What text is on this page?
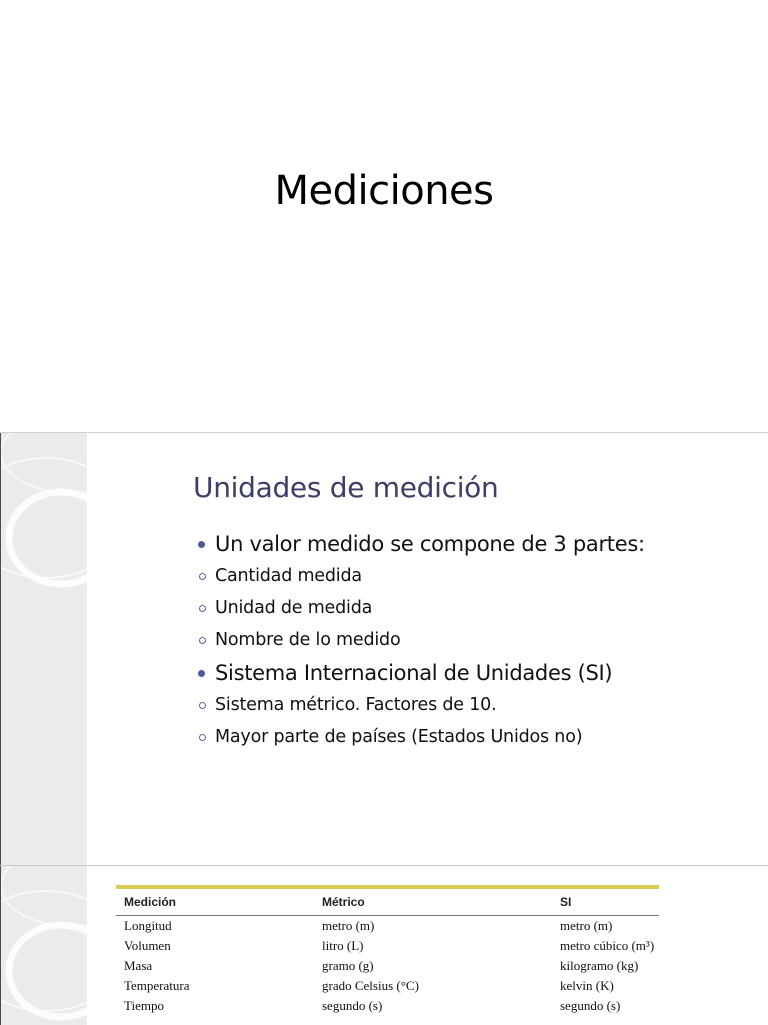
Mediciones
Unidades de medición
Un valor medido se compone de 3 partes:
Cantidad medida
Unidad de medida
Nombre de lo medido
Sistema Internacional de Unidades (SI)
Sistema métrico. Factores de 10.
Mayor parte de países (Estados Unidos no)
Medición	Métrico	SI
Longitud	metro (m)	metro (m)
Volumen	litro (L)	metro cúbico (m³)
Masa	gramo (g)	kilogramo (kg)
Temperatura	grado Celsius (°C)	kelvin (K)
Tiempo	segundo (s)	segundo (s)
